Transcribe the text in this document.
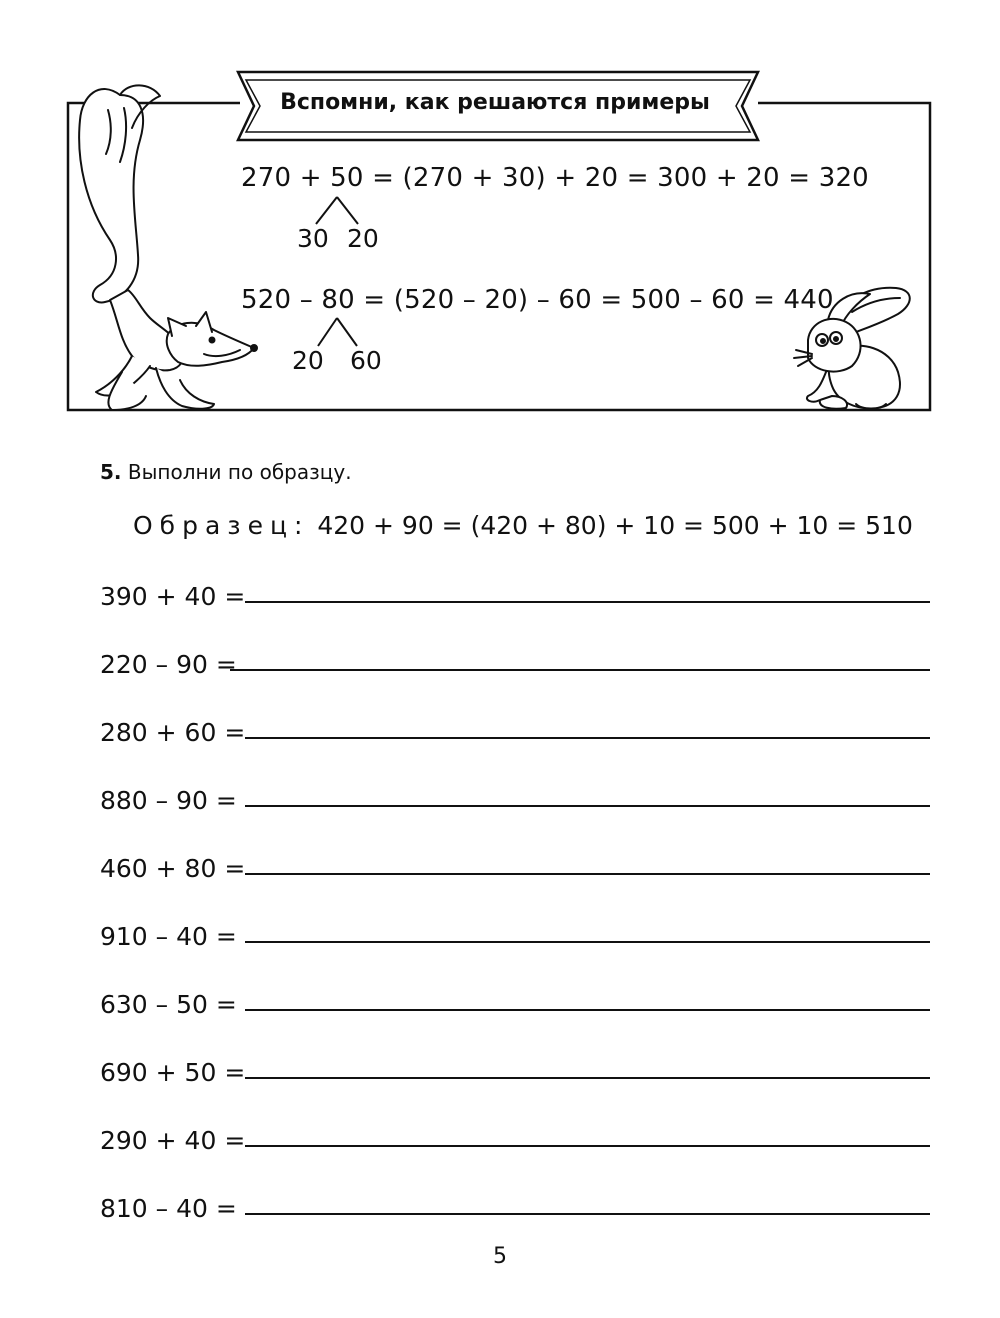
Вспомни, как решаются примеры
270 + 50 = (270 + 30) + 20 = 300 + 20 = 320
30 20
520 – 80 = (520 – 20) – 60 = 500 – 60 = 440
20 60
5. Выполни по образцу.
Образец: 420 + 90 = (420 + 80) + 10 = 500 + 10 = 510
390 + 40 =
220 – 90 =
280 + 60 =
880 – 90 =
460 + 80 =
910 – 40 =
630 – 50 =
690 + 50 =
290 + 40 =
810 – 40 =
5
